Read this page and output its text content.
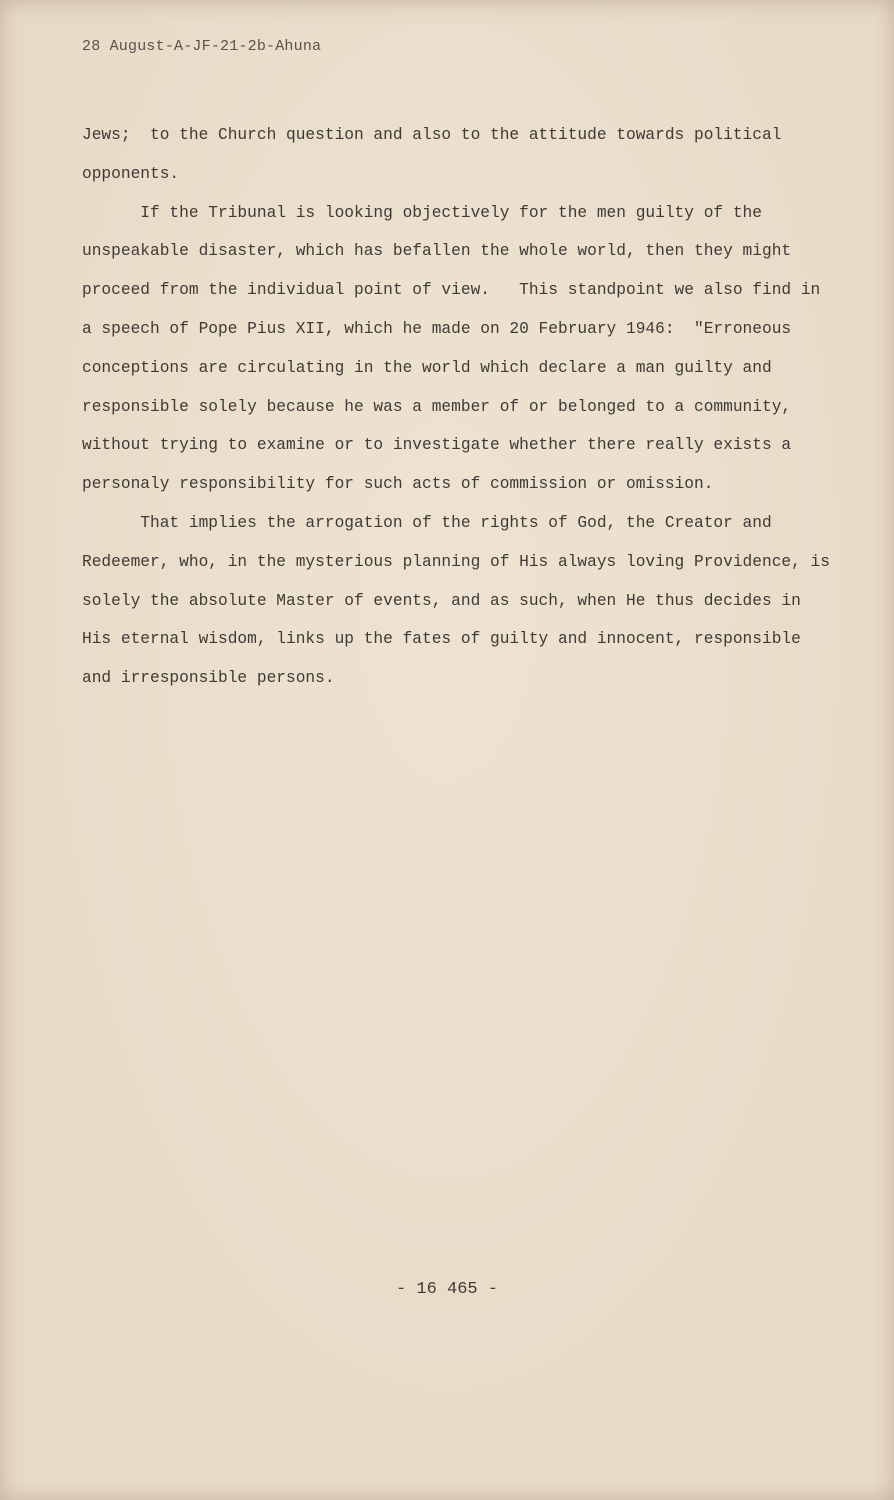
28 August-A-JF-21-2b-Ahuna
Jews;  to the Church question and also to the attitude towards political
opponents.
If the Tribunal is looking objectively for the men guilty of the
unspeakable disaster, which has befallen the whole world, then they might
proceed from the individual point of view.   This standpoint we also find in
a speech of Pope Pius XII, which he made on 20 February 1946:  "Erroneous
conceptions are circulating in the world which declare a man guilty and
responsible solely because he was a member of or belonged to a community,
without trying to examine or to investigate whether there really exists a
personaly responsibility for such acts of commission or omission.
That implies the arrogation of the rights of God, the Creator and
Redeemer, who, in the mysterious planning of His always loving Providence, is
solely the absolute Master of events, and as such, when He thus decides in
His eternal wisdom, links up the fates of guilty and innocent, responsible
and irresponsible persons.
- 16 465 -
